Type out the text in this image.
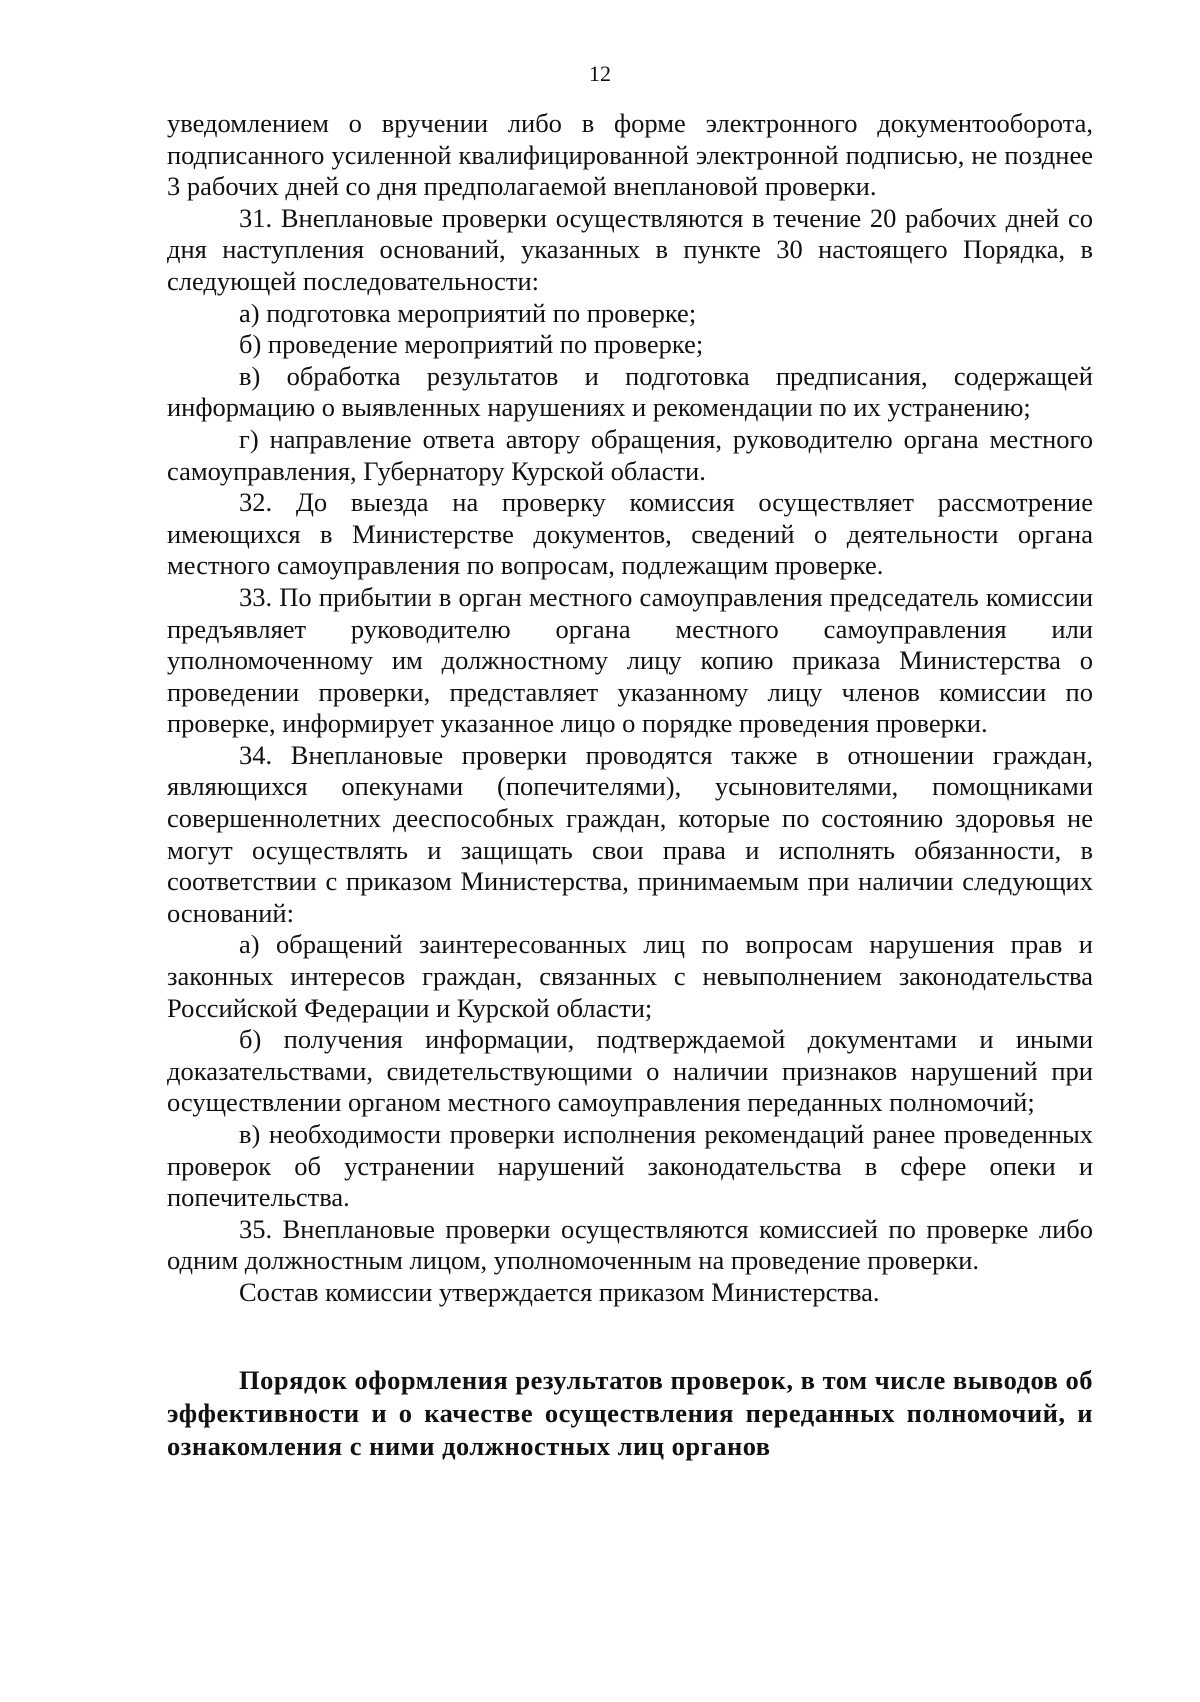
12

уведомлением о вручении либо в форме электронного документооборота, подписанного усиленной квалифицированной электронной подписью, не позднее 3 рабочих дней со дня предполагаемой внеплановой проверки.

31. Внеплановые проверки осуществляются в течение 20 рабочих дней со дня наступления оснований, указанных в пункте 30 настоящего Порядка, в следующей последовательности:

а) подготовка мероприятий по проверке;

б) проведение мероприятий по проверке;

в) обработка результатов и подготовка предписания, содержащей информацию о выявленных нарушениях и рекомендации по их устранению;

г) направление ответа автору обращения, руководителю органа местного самоуправления, Губернатору Курской области.

32. До выезда на проверку комиссия осуществляет рассмотрение имеющихся в Министерстве документов, сведений о деятельности органа местного самоуправления по вопросам, подлежащим проверке.

33. По прибытии в орган местного самоуправления председатель комиссии предъявляет руководителю органа местного самоуправления или уполномоченному им должностному лицу копию приказа Министерства о проведении проверки, представляет указанному лицу членов комиссии по проверке, информирует указанное лицо о порядке проведения проверки.

34. Внеплановые проверки проводятся также в отношении граждан, являющихся опекунами (попечителями), усыновителями, помощниками совершеннолетних дееспособных граждан, которые по состоянию здоровья не могут осуществлять и защищать свои права и исполнять обязанности, в соответствии с приказом Министерства, принимаемым при наличии следующих оснований:

а) обращений заинтересованных лиц по вопросам нарушения прав и законных интересов граждан, связанных с невыполнением законодательства Российской Федерации и Курской области;

б) получения информации, подтверждаемой документами и иными доказательствами, свидетельствующими о наличии признаков нарушений при осуществлении органом местного самоуправления переданных полномочий;

в) необходимости проверки исполнения рекомендаций ранее проведенных проверок об устранении нарушений законодательства в сфере опеки и попечительства.

35. Внеплановые проверки осуществляются комиссией по проверке либо одним должностным лицом, уполномоченным на проведение проверки.

Состав комиссии утверждается приказом Министерства.

Порядок оформления результатов проверок, в том числе выводов об эффективности и о качестве осуществления переданных полномочий, и ознакомления с ними должностных лиц органов
